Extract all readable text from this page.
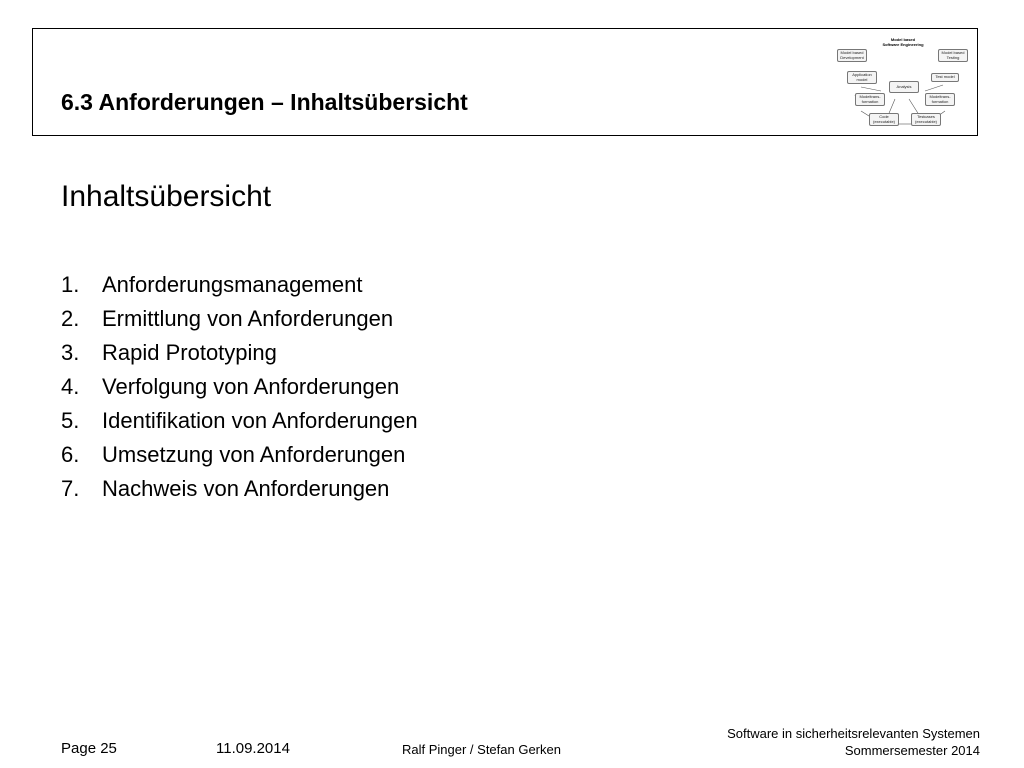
6.3 Anforderungen – Inhaltsübersicht
Model based
Software Engineering
Model based
Development
Model based
Testing
Application
model	Test model
Analysis
Modeltrans-
formation
Modeltrans-
formation
Code
(executable)
Testcases
(executable)
Inhaltsübersicht
1. Anforderungsmanagement
2. Ermittlung von Anforderungen
3. Rapid Prototyping
4. Verfolgung von Anforderungen
5. Identifikation von Anforderungen
6. Umsetzung von Anforderungen
7. Nachweis von Anforderungen
Page 25	11.09.2014	Ralf Pinger / Stefan Gerken
Software in sicherheitsrelevanten Systemen
Sommersemester 2014
